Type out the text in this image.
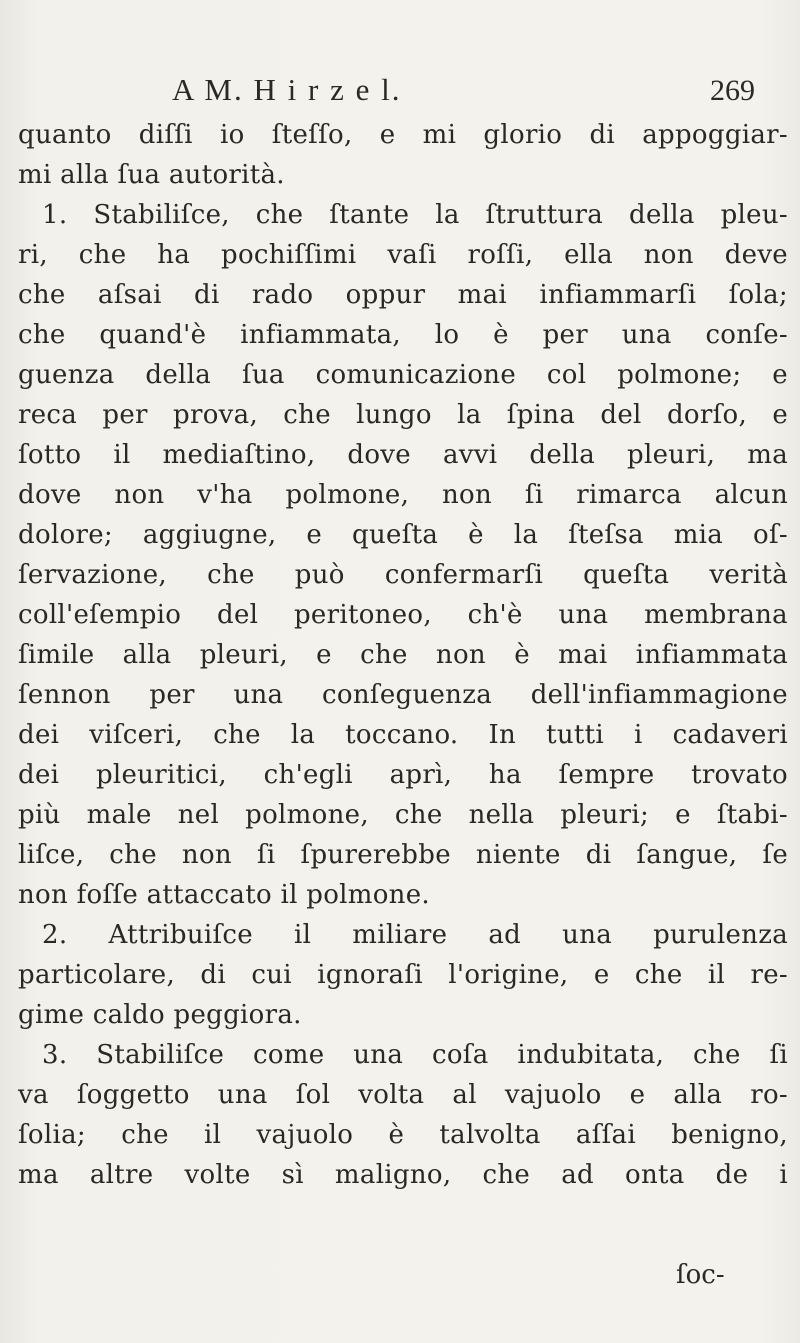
A M. H i r z e l.	269
quanto diſſi io ſteſſo, e mi glorio di appoggiar-
mi alla ſua autorità.
1. Stabiliſce, che ſtante la ſtruttura della pleu-
ri, che ha pochiſſimi vaſi roſſi, ella non deve
che aſsai di rado oppur mai infiammarſi ſola;
che quand'è infiammata, lo è per una conſe-
guenza della ſua comunicazione col polmone; e
reca per prova, che lungo la ſpina del dorſo, e
ſotto il mediaſtino, dove avvi della pleuri, ma
dove non v'ha polmone, non ſi rimarca alcun
dolore; aggiugne, e queſta è la ſteſsa mia oſ-
ſervazione, che può confermarſi queſta verità
coll'eſempio del peritoneo, ch'è una membrana
ſimile alla pleuri, e che non è mai infiammata
ſennon per una conſeguenza dell'infiammagione
dei viſceri, che la toccano. In tutti i cadaveri
dei pleuritici, ch'egli aprì, ha ſempre trovato
più male nel polmone, che nella pleuri; e ſtabi-
liſce, che non ſi ſpurerebbe niente di ſangue, ſe
non foſſe attaccato il polmone.
2. Attribuiſce il miliare ad una purulenza
particolare, di cui ignoraſi l'origine, e che il re-
gime caldo peggiora.
3. Stabiliſce come una coſa indubitata, che ſi
va ſoggetto una ſol volta al vajuolo e alla ro-
ſolia; che il vajuolo è talvolta aſſai benigno,
ma altre volte sì maligno, che ad onta de i
ſoc-
